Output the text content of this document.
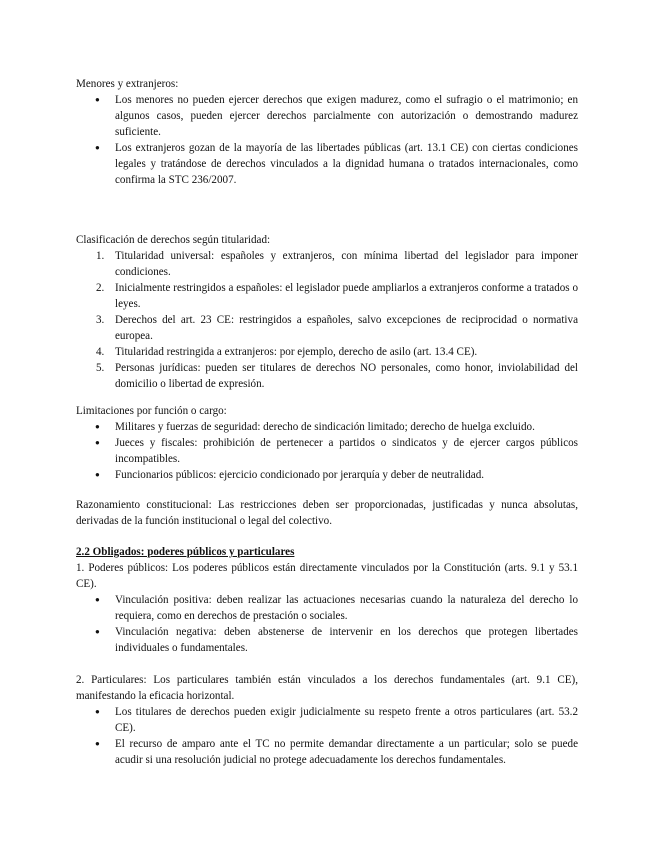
Menores y extranjeros:

● Los menores no pueden ejercer derechos que exigen madurez, como el sufragio o el matrimonio; en algunos casos, pueden ejercer derechos parcialmente con autorización o demostrando madurez suficiente.
● Los extranjeros gozan de la mayoría de las libertades públicas (art. 13.1 CE) con ciertas condiciones legales y tratándose de derechos vinculados a la dignidad humana o tratados internacionales, como confirma la STC 236/2007.

Clasificación de derechos según titularidad:

1. Titularidad universal: españoles y extranjeros, con mínima libertad del legislador para imponer condiciones.
2. Inicialmente restringidos a españoles: el legislador puede ampliarlos a extranjeros conforme a tratados o leyes.
3. Derechos del art. 23 CE: restringidos a españoles, salvo excepciones de reciprocidad o normativa europea.
4. Titularidad restringida a extranjeros: por ejemplo, derecho de asilo (art. 13.4 CE).
5. Personas jurídicas: pueden ser titulares de derechos NO personales, como honor, inviolabilidad del domicilio o libertad de expresión.

Limitaciones por función o cargo:

● Militares y fuerzas de seguridad: derecho de sindicación limitado; derecho de huelga excluido.
● Jueces y fiscales: prohibición de pertenecer a partidos o sindicatos y de ejercer cargos públicos incompatibles.
● Funcionarios públicos: ejercicio condicionado por jerarquía y deber de neutralidad.

Razonamiento constitucional: Las restricciones deben ser proporcionadas, justificadas y nunca absolutas, derivadas de la función institucional o legal del colectivo.

2.2 Obligados: poderes públicos y particulares

1. Poderes públicos: Los poderes públicos están directamente vinculados por la Constitución (arts. 9.1 y 53.1 CE).

● Vinculación positiva: deben realizar las actuaciones necesarias cuando la naturaleza del derecho lo requiera, como en derechos de prestación o sociales.
● Vinculación negativa: deben abstenerse de intervenir en los derechos que protegen libertades individuales o fundamentales.

2. Particulares: Los particulares también están vinculados a los derechos fundamentales (art. 9.1 CE), manifestando la eficacia horizontal.

● Los titulares de derechos pueden exigir judicialmente su respeto frente a otros particulares (art. 53.2 CE).
● El recurso de amparo ante el TC no permite demandar directamente a un particular; solo se puede acudir si una resolución judicial no protege adecuadamente los derechos fundamentales.
